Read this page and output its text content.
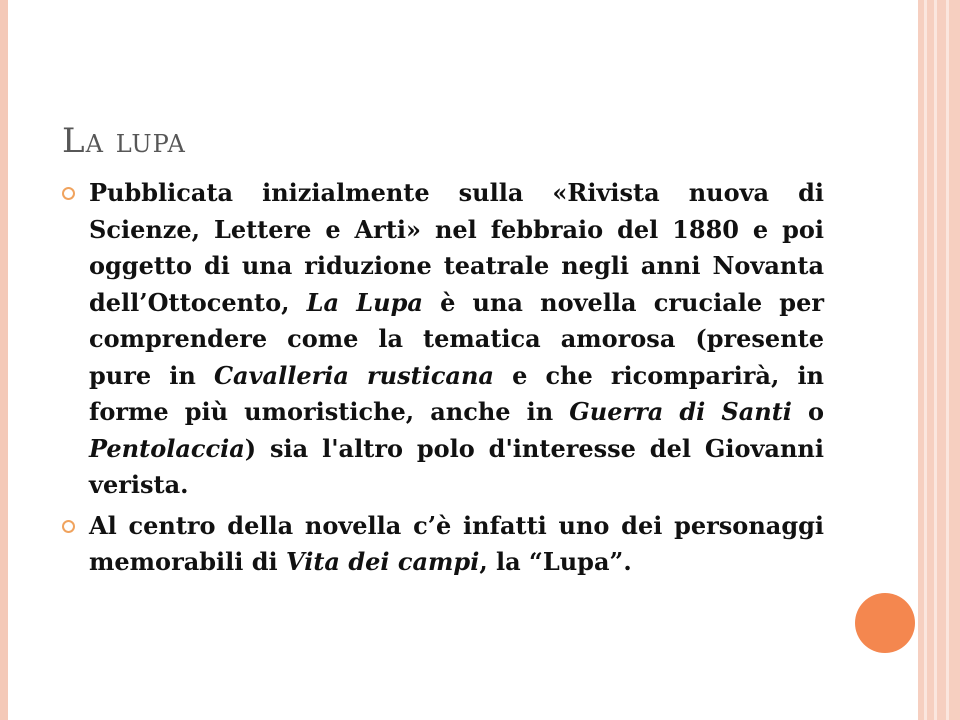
La lupa
Pubblicata inizialmente sulla «Rivista nuova di Scienze, Lettere e Arti» nel febbraio del 1880 e poi oggetto di una riduzione teatrale negli anni Novanta dell’Ottocento, La Lupa è una novella cruciale per comprendere come la tematica amorosa (presente pure in Cavalleria rusticana e che ricomparirà, in forme più umoristiche, anche in Guerra di Santi o Pentolaccia) sia l'altro polo d'interesse del Giovanni verista.
Al centro della novella c’è infatti uno dei personaggi memorabili di Vita dei campi, la “Lupa”.
